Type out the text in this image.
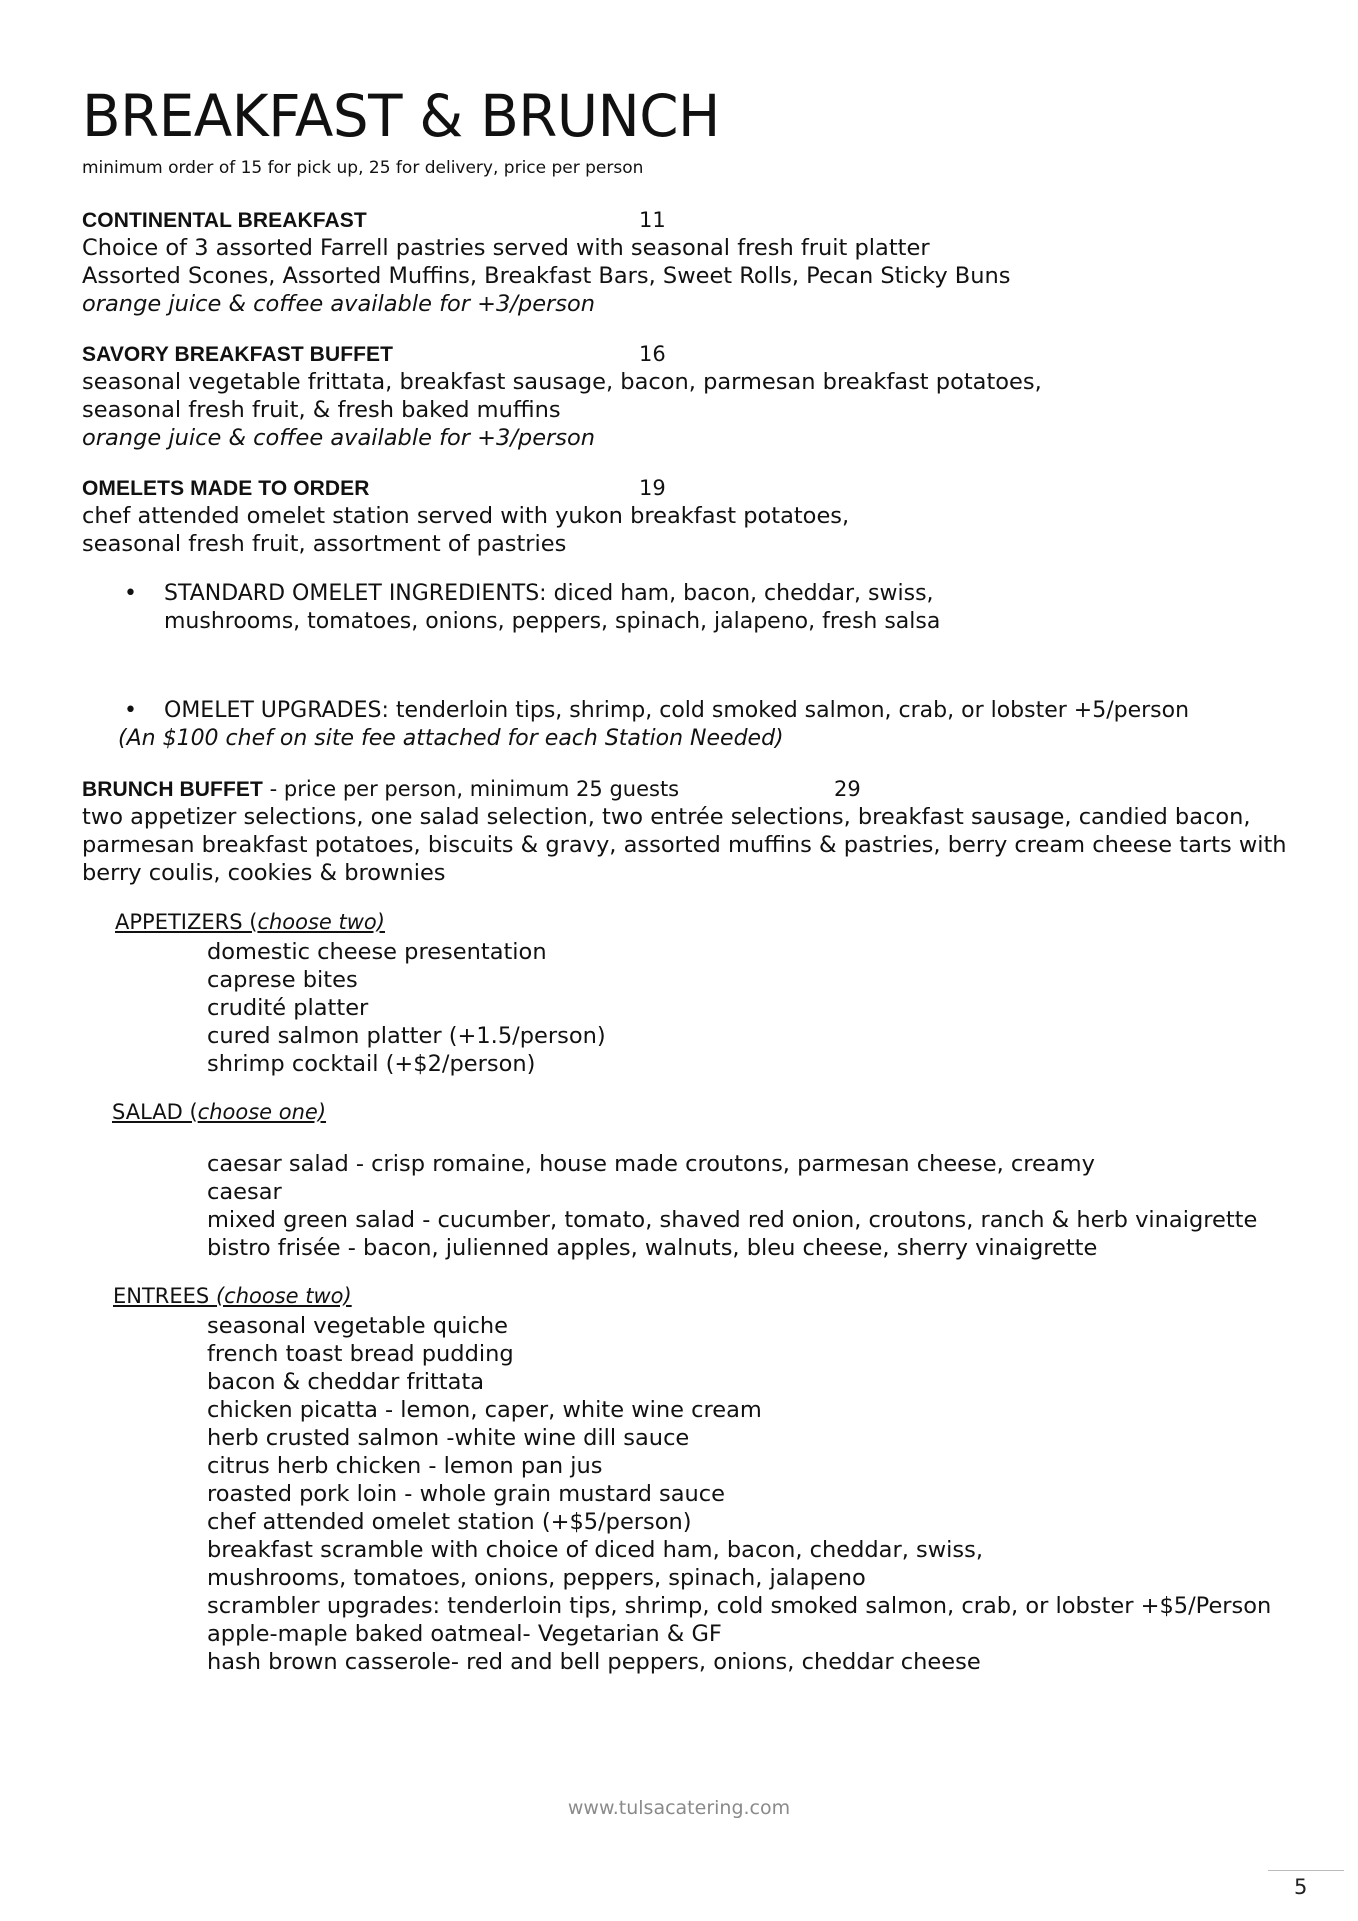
BREAKFAST & BRUNCH
minimum order of 15 for pick up, 25 for delivery, price per person
CONTINENTAL BREAKFAST	11
Choice of 3 assorted Farrell pastries served with seasonal fresh fruit platter
Assorted Scones, Assorted Muffins, Breakfast Bars, Sweet Rolls, Pecan Sticky Buns
orange juice & coffee available for +3/person
SAVORY BREAKFAST BUFFET	16
seasonal vegetable frittata, breakfast sausage, bacon, parmesan breakfast potatoes,
seasonal fresh fruit, & fresh baked muffins
orange juice & coffee available for +3/person
OMELETS MADE TO ORDER	19
chef attended omelet station served with yukon breakfast potatoes,
seasonal fresh fruit, assortment of pastries
• STANDARD OMELET INGREDIENTS: diced ham, bacon, cheddar, swiss,
mushrooms, tomatoes, onions, peppers, spinach, jalapeno, fresh salsa
• OMELET UPGRADES: tenderloin tips, shrimp, cold smoked salmon, crab, or lobster +5/person
(An $100 chef on site fee attached for each Station Needed)
BRUNCH BUFFET - price per person, minimum 25 guests	29
two appetizer selections, one salad selection, two entrée selections, breakfast sausage, candied bacon,
parmesan breakfast potatoes, biscuits & gravy, assorted muffins & pastries, berry cream cheese tarts with
berry coulis, cookies & brownies
APPETIZERS (choose two)
domestic cheese presentation
caprese bites
crudité platter
cured salmon platter (+1.5/person)
shrimp cocktail (+$2/person)
SALAD (choose one)
caesar salad - crisp romaine, house made croutons, parmesan cheese, creamy
caesar
mixed green salad - cucumber, tomato, shaved red onion, croutons, ranch & herb vinaigrette
bistro frisée - bacon, julienned apples, walnuts, bleu cheese, sherry vinaigrette
ENTREES (choose two)
seasonal vegetable quiche
french toast bread pudding
bacon & cheddar frittata
chicken picatta - lemon, caper, white wine cream
herb crusted salmon -white wine dill sauce
citrus herb chicken - lemon pan jus
roasted pork loin - whole grain mustard sauce
chef attended omelet station (+$5/person)
breakfast scramble with choice of diced ham, bacon, cheddar, swiss,
mushrooms, tomatoes, onions, peppers, spinach, jalapeno
scrambler upgrades: tenderloin tips, shrimp, cold smoked salmon, crab, or lobster +$5/Person
apple-maple baked oatmeal- Vegetarian & GF
hash brown casserole- red and bell peppers, onions, cheddar cheese
www.tulsacatering.com
5
